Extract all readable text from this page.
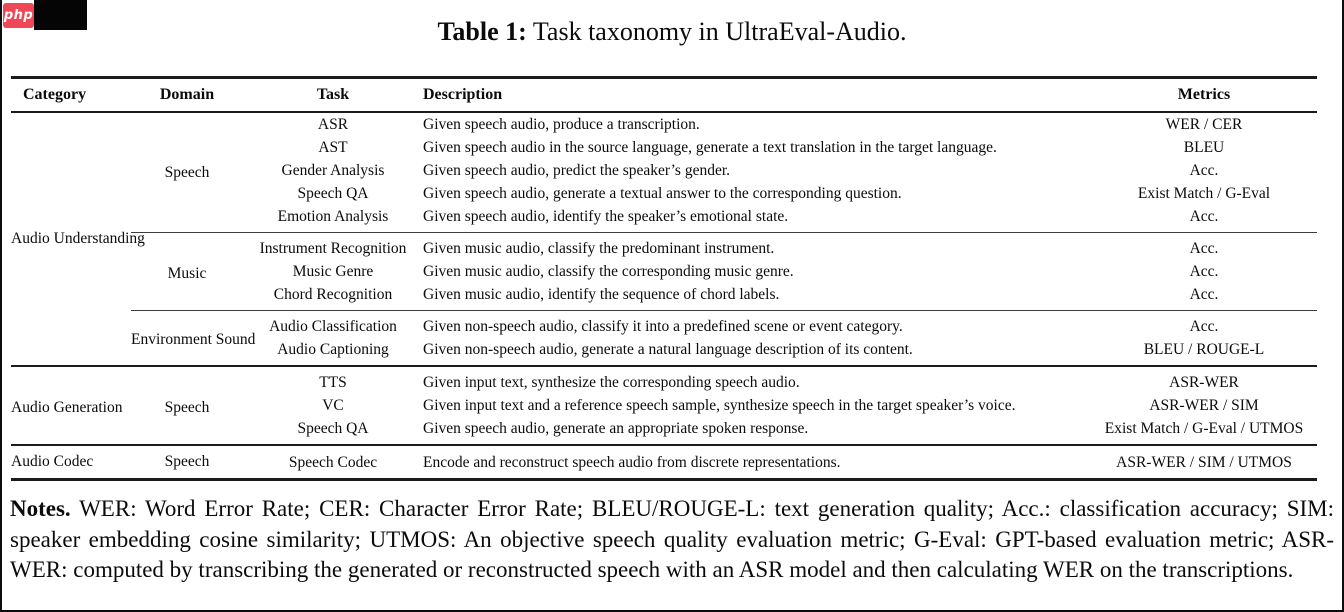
php
Table 1: Task taxonomy in UltraEval-Audio.
Category	Domain	Task	Description	Metrics
Audio Understanding	Speech	ASR	Given speech audio, produce a transcription.	WER / CER
		AST	Given speech audio in the source language, generate a text translation in the target language.	BLEU
		Gender Analysis	Given speech audio, predict the speaker’s gender.	Acc.
		Speech QA	Given speech audio, generate a textual answer to the corresponding question.	Exist Match / G-Eval
		Emotion Analysis	Given speech audio, identify the speaker’s emotional state.	Acc.
	Music	Instrument Recognition	Given music audio, classify the predominant instrument.	Acc.
		Music Genre	Given music audio, classify the corresponding music genre.	Acc.
		Chord Recognition	Given music audio, identify the sequence of chord labels.	Acc.
	Environment Sound	Audio Classification	Given non-speech audio, classify it into a predefined scene or event category.	Acc.
		Audio Captioning	Given non-speech audio, generate a natural language description of its content.	BLEU / ROUGE-L
Audio Generation	Speech	TTS	Given input text, synthesize the corresponding speech audio.	ASR-WER
		VC	Given input text and a reference speech sample, synthesize speech in the target speaker’s voice.	ASR-WER / SIM
		Speech QA	Given speech audio, generate an appropriate spoken response.	Exist Match / G-Eval / UTMOS
Audio Codec	Speech	Speech Codec	Encode and reconstruct speech audio from discrete representations.	ASR-WER / SIM / UTMOS

Notes. WER: Word Error Rate; CER: Character Error Rate; BLEU/ROUGE-L: text generation quality; Acc.: classification accuracy; SIM: speaker embedding cosine similarity; UTMOS: An objective speech quality evaluation metric; G-Eval: GPT-based evaluation metric; ASR-WER: computed by transcribing the generated or reconstructed speech with an ASR model and then calculating WER on the transcriptions.
